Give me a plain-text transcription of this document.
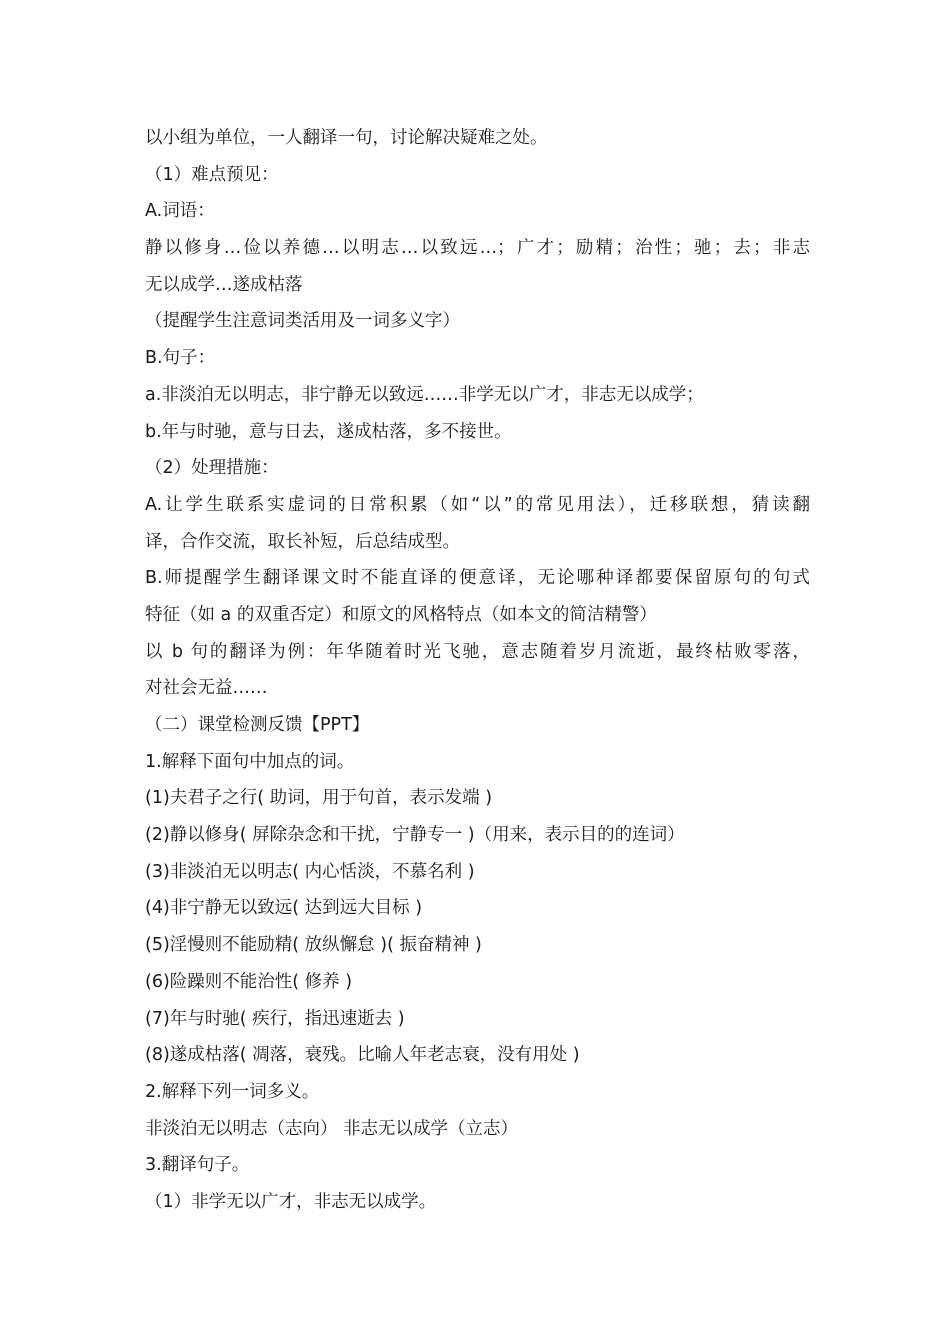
以小组为单位，一人翻译一句，讨论解决疑难之处。
（1）难点预见：
A.词语：
静以修身…俭以养德…以明志…以致远…；广才；励精；治性；驰；去；非志
无以成学…遂成枯落
（提醒学生注意词类活用及一词多义字）
B.句子：
a.非淡泊无以明志，非宁静无以致远……非学无以广才，非志无以成学；
b.年与时驰，意与日去，遂成枯落，多不接世。
（2）处理措施：
A.让学生联系实虚词的日常积累（如“以”的常见用法），迁移联想，猜读翻
译，合作交流，取长补短，后总结成型。
B.师提醒学生翻译课文时不能直译的便意译，无论哪种译都要保留原句的句式
特征（如 a 的双重否定）和原文的风格特点（如本文的简洁精警）
以 b 句的翻译为例：年华随着时光飞驰，意志随着岁月流逝，最终枯败零落，
对社会无益……
（二）课堂检测反馈【PPT】
1.解释下面句中加点的词。
(1)夫君子之行( 助词，用于句首，表示发端 )
(2)静以修身( 屏除杂念和干扰，宁静专一 )（用来，表示目的的连词）
(3)非淡泊无以明志( 内心恬淡，不慕名利 )
(4)非宁静无以致远( 达到远大目标 )
(5)淫慢则不能励精( 放纵懈怠 )( 振奋精神 )
(6)险躁则不能治性( 修养 )
(7)年与时驰( 疾行，指迅速逝去 )
(8)遂成枯落( 凋落，衰残。比喻人年老志衰，没有用处 )
2.解释下列一词多义。
非淡泊无以明志（志向） 非志无以成学（立志）
3.翻译句子。
（1）非学无以广才，非志无以成学。
